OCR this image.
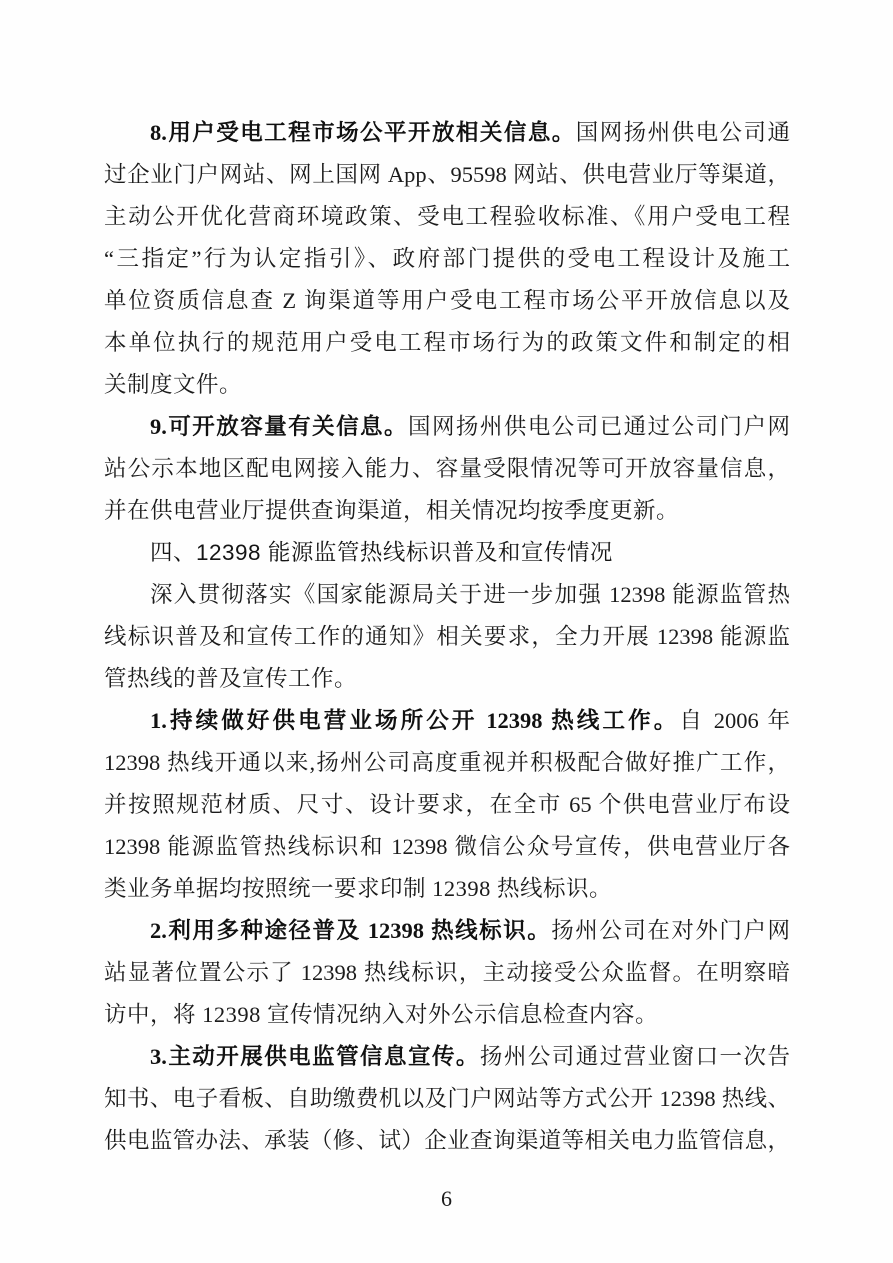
8.用户受电工程市场公平开放相关信息。国网扬州供电公司通
过企业门户网站、网上国网 App、95598 网站、供电营业厅等渠道，
主动公开优化营商环境政策、受电工程验收标准、《用户受电工程
“三指定”行为认定指引》、政府部门提供的受电工程设计及施工
单位资质信息查 Z 询渠道等用户受电工程市场公平开放信息以及
本单位执行的规范用户受电工程市场行为的政策文件和制定的相
关制度文件。
9.可开放容量有关信息。国网扬州供电公司已通过公司门户网
站公示本地区配电网接入能力、容量受限情况等可开放容量信息，
并在供电营业厅提供查询渠道，相关情况均按季度更新。
四、12398 能源监管热线标识普及和宣传情况
深入贯彻落实《国家能源局关于进一步加强 12398 能源监管热
线标识普及和宣传工作的通知》相关要求，全力开展 12398 能源监
管热线的普及宣传工作。
1.持续做好供电营业场所公开 12398 热线工作。自 2006 年
12398 热线开通以来,扬州公司高度重视并积极配合做好推广工作，
并按照规范材质、尺寸、设计要求，在全市 65 个供电营业厅布设
12398 能源监管热线标识和 12398 微信公众号宣传，供电营业厅各
类业务单据均按照统一要求印制 12398 热线标识。
2.利用多种途径普及 12398 热线标识。扬州公司在对外门户网
站显著位置公示了 12398 热线标识，主动接受公众监督。在明察暗
访中，将 12398 宣传情况纳入对外公示信息检查内容。
3.主动开展供电监管信息宣传。扬州公司通过营业窗口一次告
知书、电子看板、自助缴费机以及门户网站等方式公开 12398 热线、
供电监管办法、承装（修、试）企业查询渠道等相关电力监管信息，
6
